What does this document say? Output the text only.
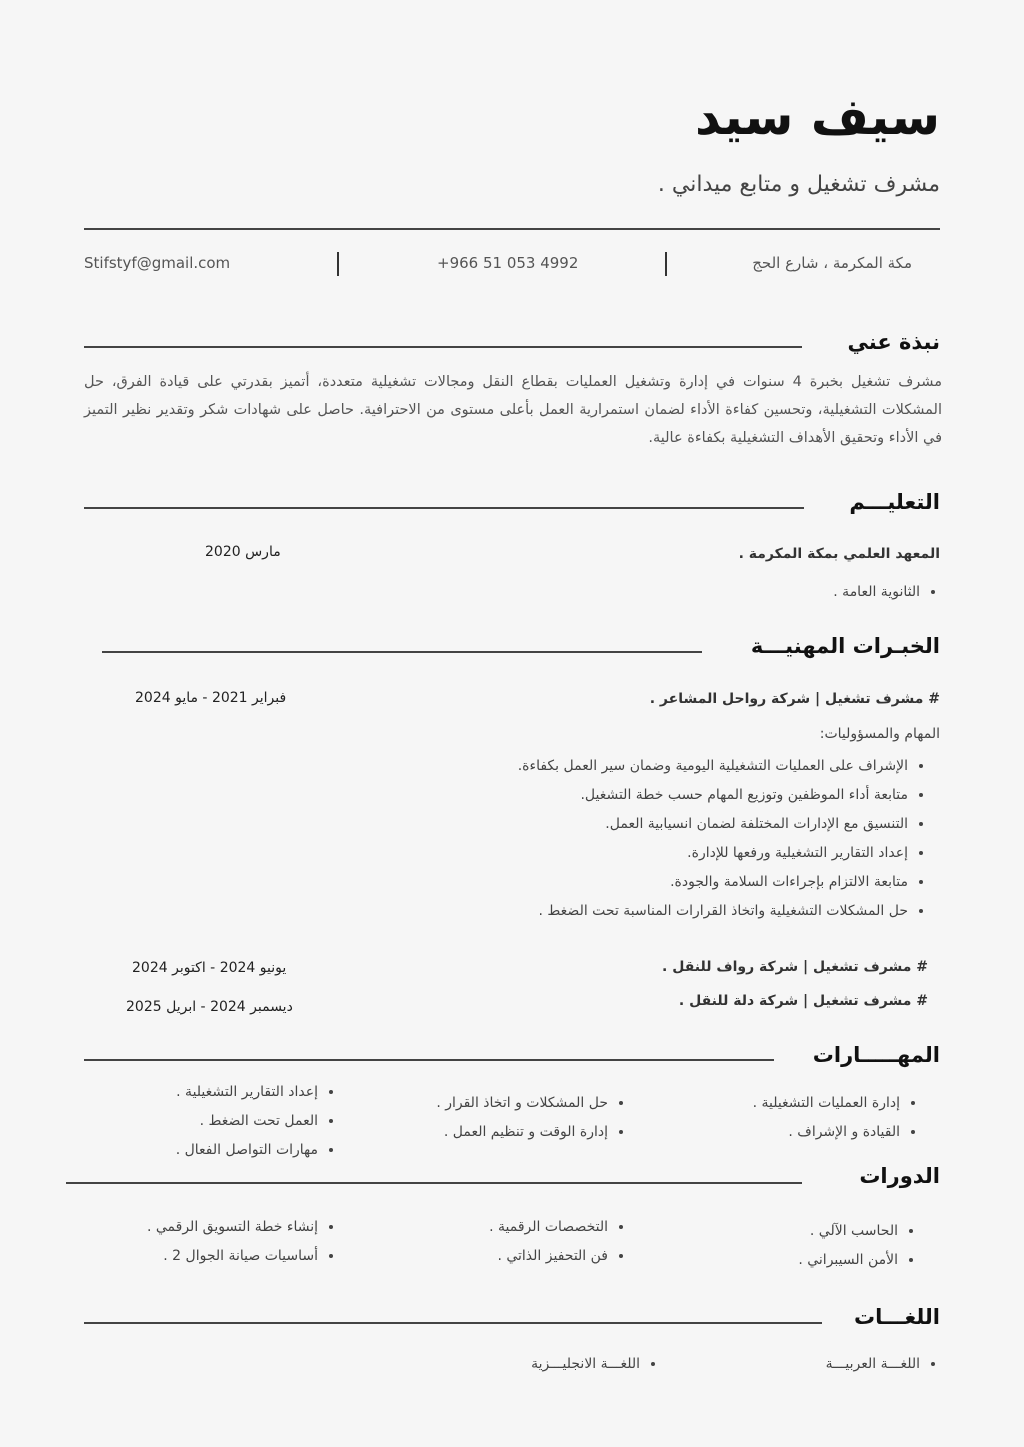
سيف سيد
مشرف تشغيل و متابع ميداني .
مكة المكرمة ، شارع الحج
+966 51 053 4992
Stifstyf@gmail.com
نبذة عني
مشرف تشغيل بخبرة 4 سنوات في إدارة وتشغيل العمليات بقطاع النقل ومجالات تشغيلية متعددة، أتميز بقدرتي على قيادة الفرق، حل المشكلات التشغيلية، وتحسين كفاءة الأداء لضمان استمرارية العمل بأعلى مستوى من الاحترافية. حاصل على شهادات شكر وتقدير نظير التميز في الأداء وتحقيق الأهداف التشغيلية بكفاءة عالية.
التعليـــم
المعهد العلمي بمكة المكرمة .
مارس 2020
• الثانوية العامة .
الخبـرات المهنيـــة
# مشرف تشغيل | شركة رواحل المشاعر .
فبراير 2021 - مايو 2024
المهام والمسؤوليات:
• الإشراف على العمليات التشغيلية اليومية وضمان سير العمل بكفاءة.
• متابعة أداء الموظفين وتوزيع المهام حسب خطة التشغيل.
• التنسيق مع الإدارات المختلفة لضمان انسيابية العمل.
• إعداد التقارير التشغيلية ورفعها للإدارة.
• متابعة الالتزام بإجراءات السلامة والجودة.
• حل المشكلات التشغيلية واتخاذ القرارات المناسبة تحت الضغط .
# مشرف تشغيل | شركة رواف للنقل .
يونيو 2024 - اكتوبر 2024
# مشرف تشغيل | شركة دلة للنقل .
ديسمبر 2024 - ابريل 2025
المهـــــارات
• إدارة العمليات التشغيلية .
• القيادة و الإشراف .
• حل المشكلات و اتخاذ القرار .
• إدارة الوقت و تنظيم العمل .
• إعداد التقارير التشغيلية .
• العمل تحت الضغط .
• مهارات التواصل الفعال .
الدورات
• الحاسب الآلي .
• الأمن السيبراني .
• التخصصات الرقمية .
• فن التحفيز الذاتي .
• إنشاء خطة التسويق الرقمي .
• أساسيات صيانة الجوال 2 .
اللغـــات
• اللغـــة العربيـــة
• اللغـــة الانجليـــزية
